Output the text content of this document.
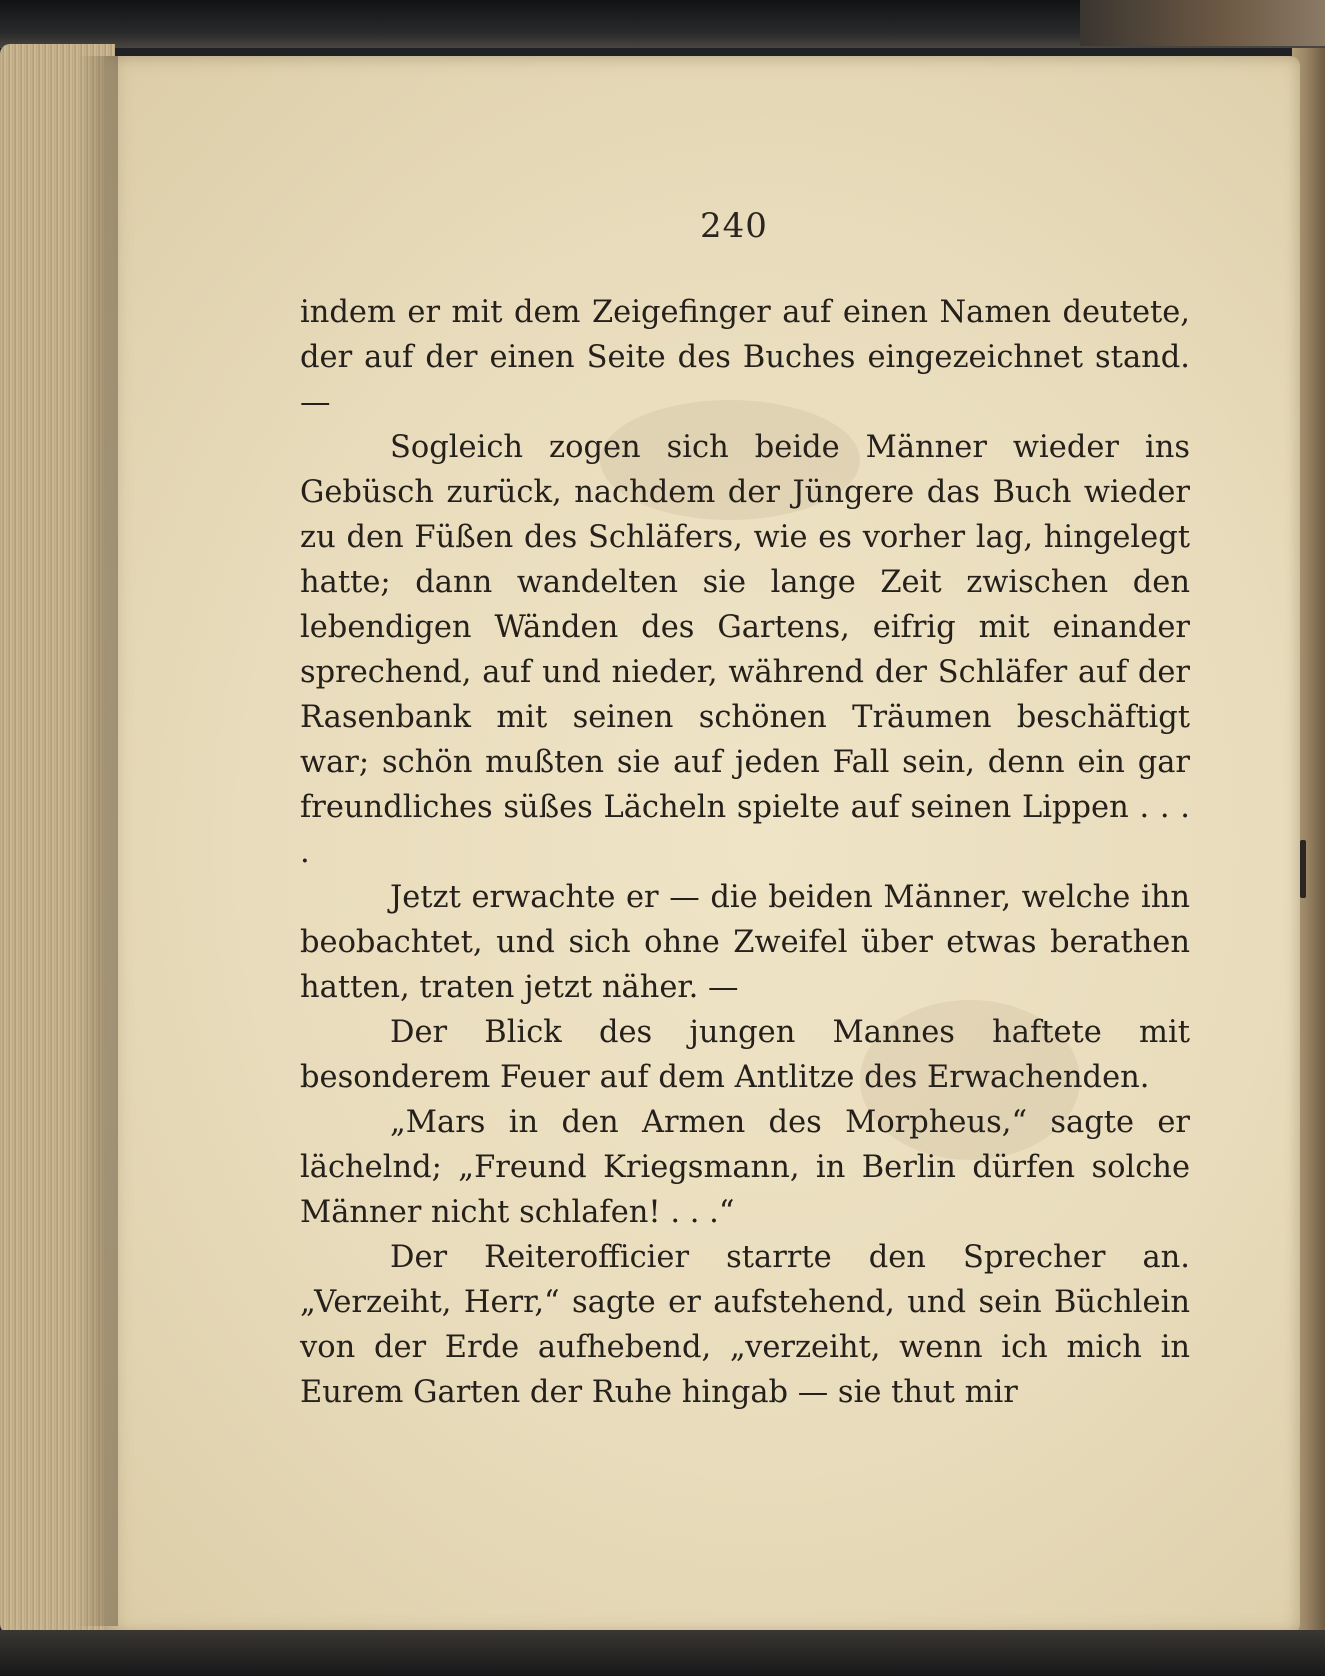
240

indem er mit dem Zeigefinger auf einen Namen deutete, der auf der einen Seite des Buches eingezeichnet stand. —

Sogleich zogen sich beide Männer wieder ins Gebüsch zurück, nachdem der Jüngere das Buch wieder zu den Füßen des Schläfers, wie es vorher lag, hingelegt hatte; dann wandelten sie lange Zeit zwischen den lebendigen Wänden des Gartens, eifrig mit einander sprechend, auf und nieder, während der Schläfer auf der Rasenbank mit seinen schönen Träumen beschäftigt war; schön mußten sie auf jeden Fall sein, denn ein gar freundliches süßes Lächeln spielte auf seinen Lippen . . . .

Jetzt erwachte er — die beiden Männer, welche ihn beobachtet, und sich ohne Zweifel über etwas berathen hatten, traten jetzt näher. —

Der Blick des jungen Mannes haftete mit besonderem Feuer auf dem Antlitze des Erwachenden.

„Mars in den Armen des Morpheus,“ sagte er lächelnd; „Freund Kriegsmann, in Berlin dürfen solche Männer nicht schlafen! . . .“

Der Reiterofficier starrte den Sprecher an. „Verzeiht, Herr,“ sagte er aufstehend, und sein Büchlein von der Erde aufhebend, „verzeiht, wenn ich mich in Eurem Garten der Ruhe hingab — sie thut mir
